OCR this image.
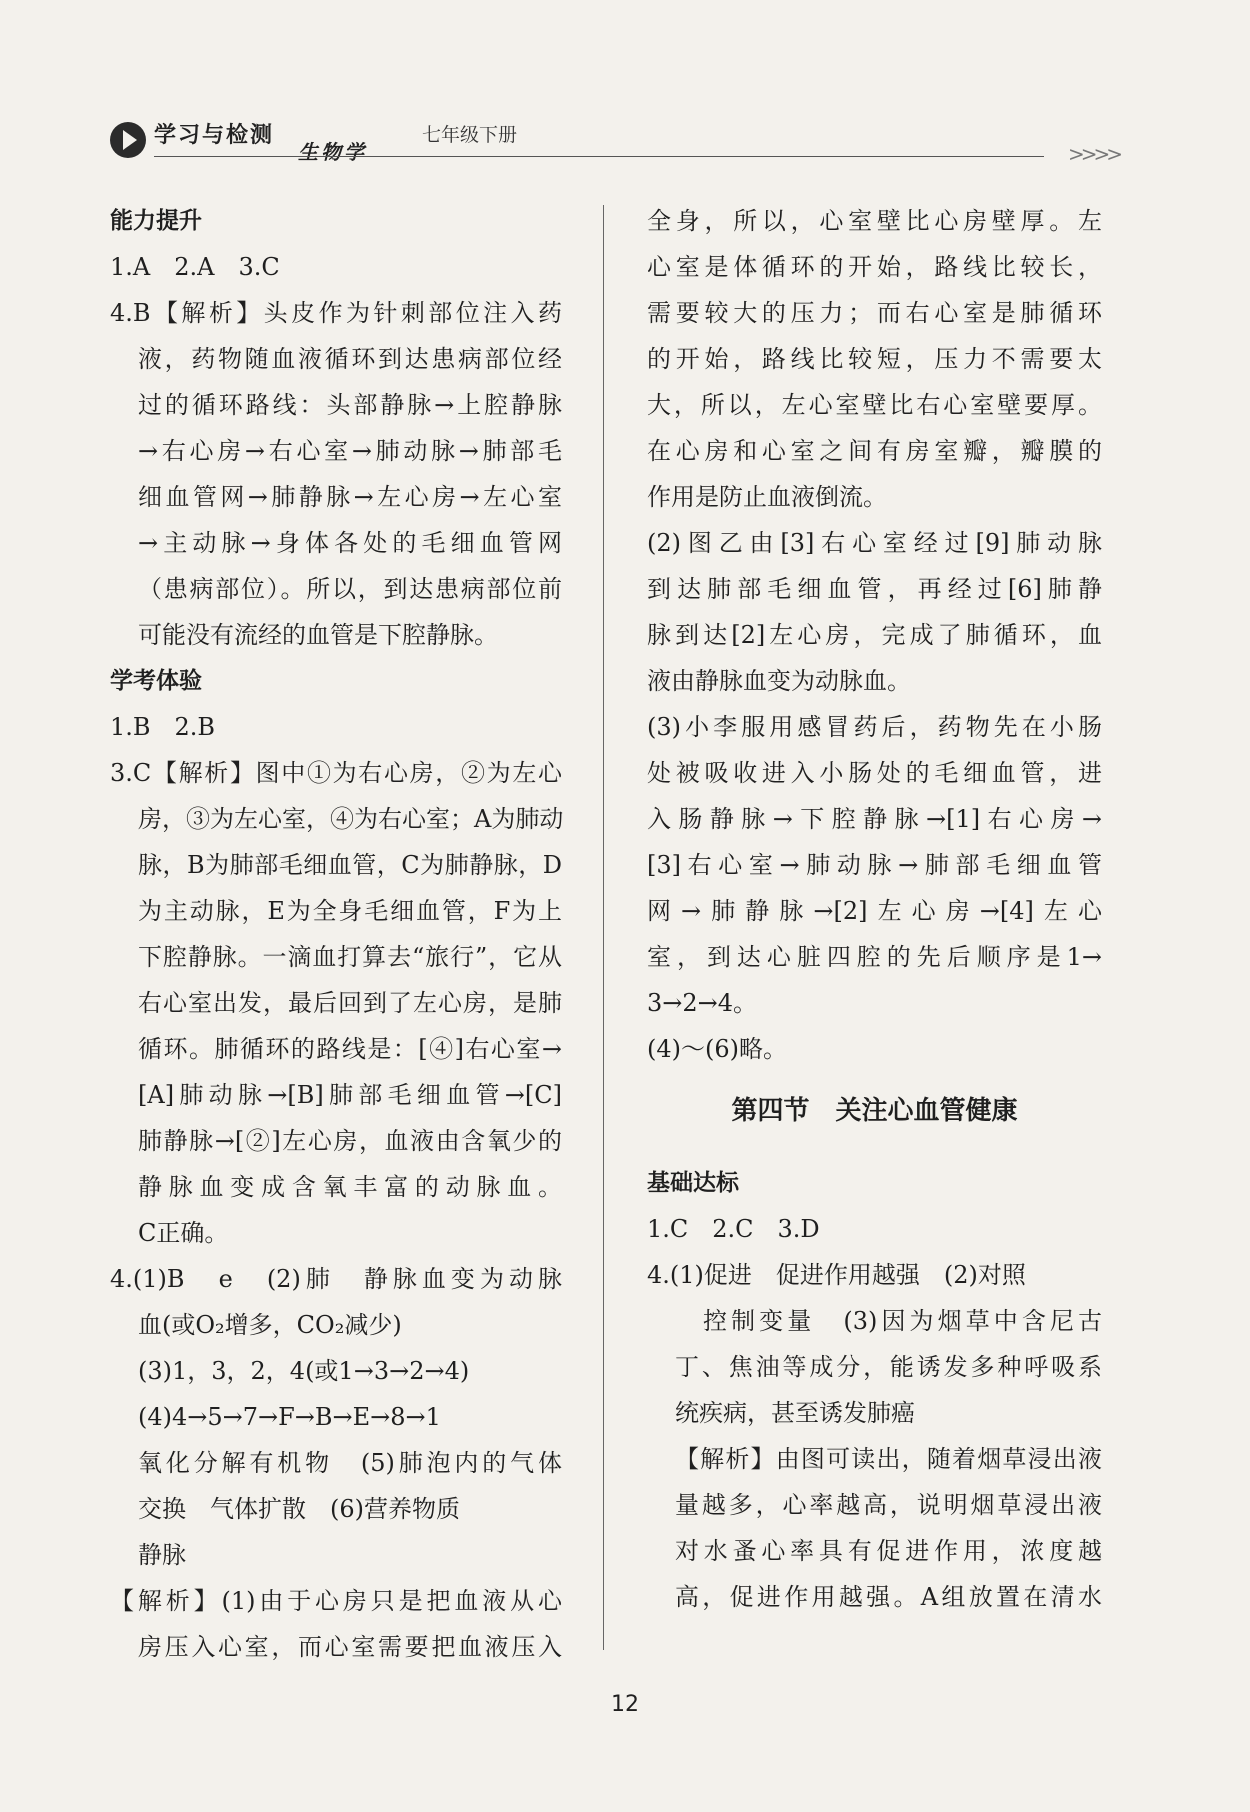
学习与检测
生物学
七年级下册
>>>>
能力提升
1.A　2.A　3.C
4.B【解析】头皮作为针刺部位注入药
液，药物随血液循环到达患病部位经
过的循环路线：头部静脉→上腔静脉
→右心房→右心室→肺动脉→肺部毛
细血管网→肺静脉→左心房→左心室
→主动脉→身体各处的毛细血管网
（患病部位）。所以，到达患病部位前
可能没有流经的血管是下腔静脉。
学考体验
1.B　2.B
3.C【解析】图中①为右心房，②为左心
房，③为左心室，④为右心室；A为肺动
脉，B为肺部毛细血管，C为肺静脉，D
为主动脉，E为全身毛细血管，F为上
下腔静脉。一滴血打算去“旅行”，它从
右心室出发，最后回到了左心房，是肺
循环。肺循环的路线是：[④]右心室→
[A]肺动脉→[B]肺部毛细血管→[C]
肺静脉→[②]左心房，血液由含氧少的
静脉血变成含氧丰富的动脉血。
C正确。
4.(1)B　e　(2)肺　静脉血变为动脉
血(或O₂增多，CO₂减少)
(3)1，3，2，4(或1→3→2→4)
(4)4→5→7→F→B→E→8→1
氧化分解有机物　(5)肺泡内的气体
交换　气体扩散　(6)营养物质
静脉
【解析】(1)由于心房只是把血液从心
房压入心室，而心室需要把血液压入
全身，所以，心室壁比心房壁厚。左
心室是体循环的开始，路线比较长，
需要较大的压力；而右心室是肺循环
的开始，路线比较短，压力不需要太
大，所以，左心室壁比右心室壁要厚。
在心房和心室之间有房室瓣，瓣膜的
作用是防止血液倒流。
(2)图乙由[3]右心室经过[9]肺动脉
到达肺部毛细血管，再经过[6]肺静
脉到达[2]左心房，完成了肺循环，血
液由静脉血变为动脉血。
(3)小李服用感冒药后，药物先在小肠
处被吸收进入小肠处的毛细血管，进
入肠静脉→下腔静脉→[1]右心房→
[3]右心室→肺动脉→肺部毛细血管
网→肺静脉→[2]左心房→[4]左心
室，到达心脏四腔的先后顺序是1→
3→2→4。
(4)～(6)略。
第四节　关注心血管健康
基础达标
1.C　2.C　3.D
4.(1)促进　促进作用越强　(2)对照
控制变量　(3)因为烟草中含尼古
丁、焦油等成分，能诱发多种呼吸系
统疾病，甚至诱发肺癌
【解析】由图可读出，随着烟草浸出液
量越多，心率越高，说明烟草浸出液
对水蚤心率具有促进作用，浓度越
高，促进作用越强。A组放置在清水
12
